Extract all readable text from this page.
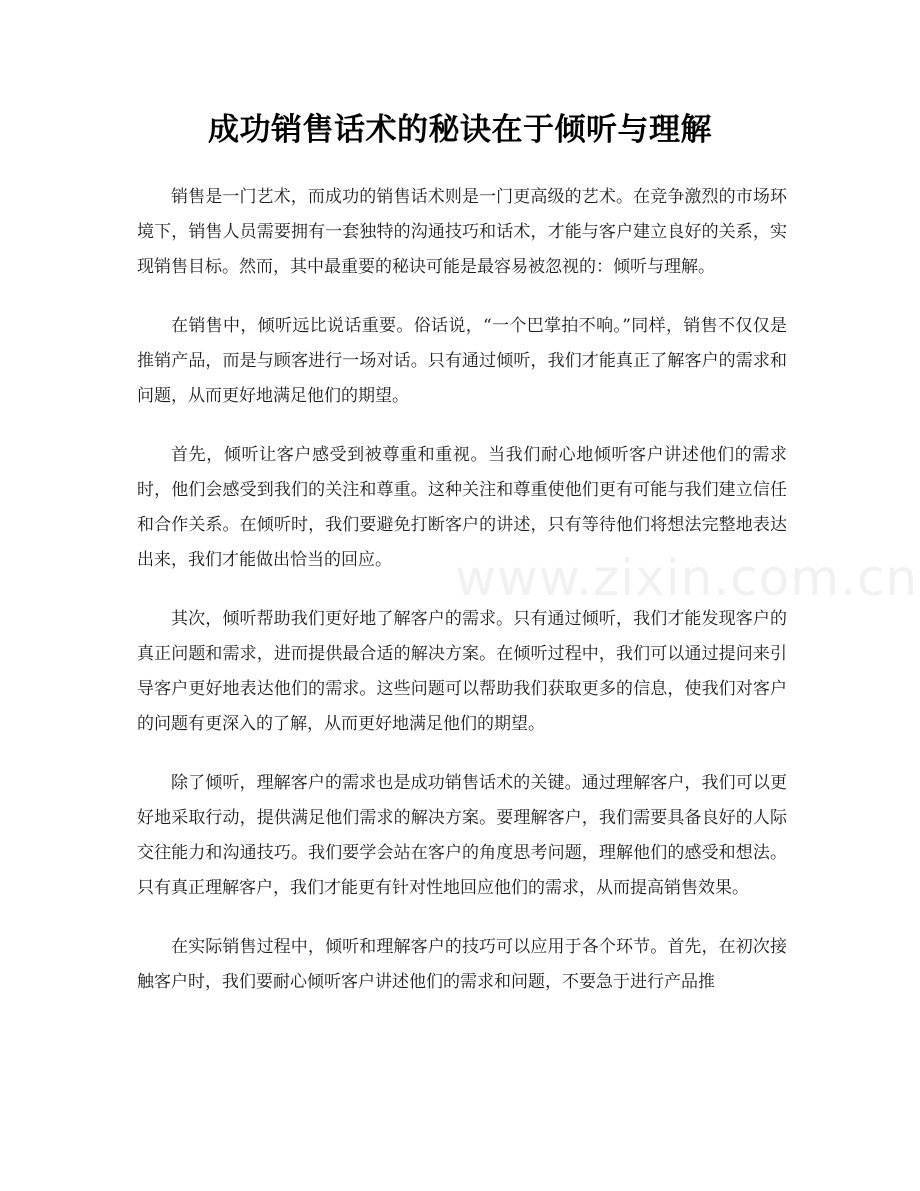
成功销售话术的秘诀在于倾听与理解

销售是一门艺术，而成功的销售话术则是一门更高级的艺术。在竞争激烈的市场环境下，销售人员需要拥有一套独特的沟通技巧和话术，才能与客户建立良好的关系，实现销售目标。然而，其中最重要的秘诀可能是最容易被忽视的：倾听与理解。

在销售中，倾听远比说话重要。俗话说，“一个巴掌拍不响。”同样，销售不仅仅是推销产品，而是与顾客进行一场对话。只有通过倾听，我们才能真正了解客户的需求和问题，从而更好地满足他们的期望。

首先，倾听让客户感受到被尊重和重视。当我们耐心地倾听客户讲述他们的需求时，他们会感受到我们的关注和尊重。这种关注和尊重使他们更有可能与我们建立信任和合作关系。在倾听时，我们要避免打断客户的讲述，只有等待他们将想法完整地表达出来，我们才能做出恰当的回应。

其次，倾听帮助我们更好地了解客户的需求。只有通过倾听，我们才能发现客户的真正问题和需求，进而提供最合适的解决方案。在倾听过程中，我们可以通过提问来引导客户更好地表达他们的需求。这些问题可以帮助我们获取更多的信息，使我们对客户的问题有更深入的了解，从而更好地满足他们的期望。

除了倾听，理解客户的需求也是成功销售话术的关键。通过理解客户，我们可以更好地采取行动，提供满足他们需求的解决方案。要理解客户，我们需要具备良好的人际交往能力和沟通技巧。我们要学会站在客户的角度思考问题，理解他们的感受和想法。只有真正理解客户，我们才能更有针对性地回应他们的需求，从而提高销售效果。

在实际销售过程中，倾听和理解客户的技巧可以应用于各个环节。首先，在初次接触客户时，我们要耐心倾听客户讲述他们的需求和问题，不要急于进行产品推

www.zixin.com.cn
